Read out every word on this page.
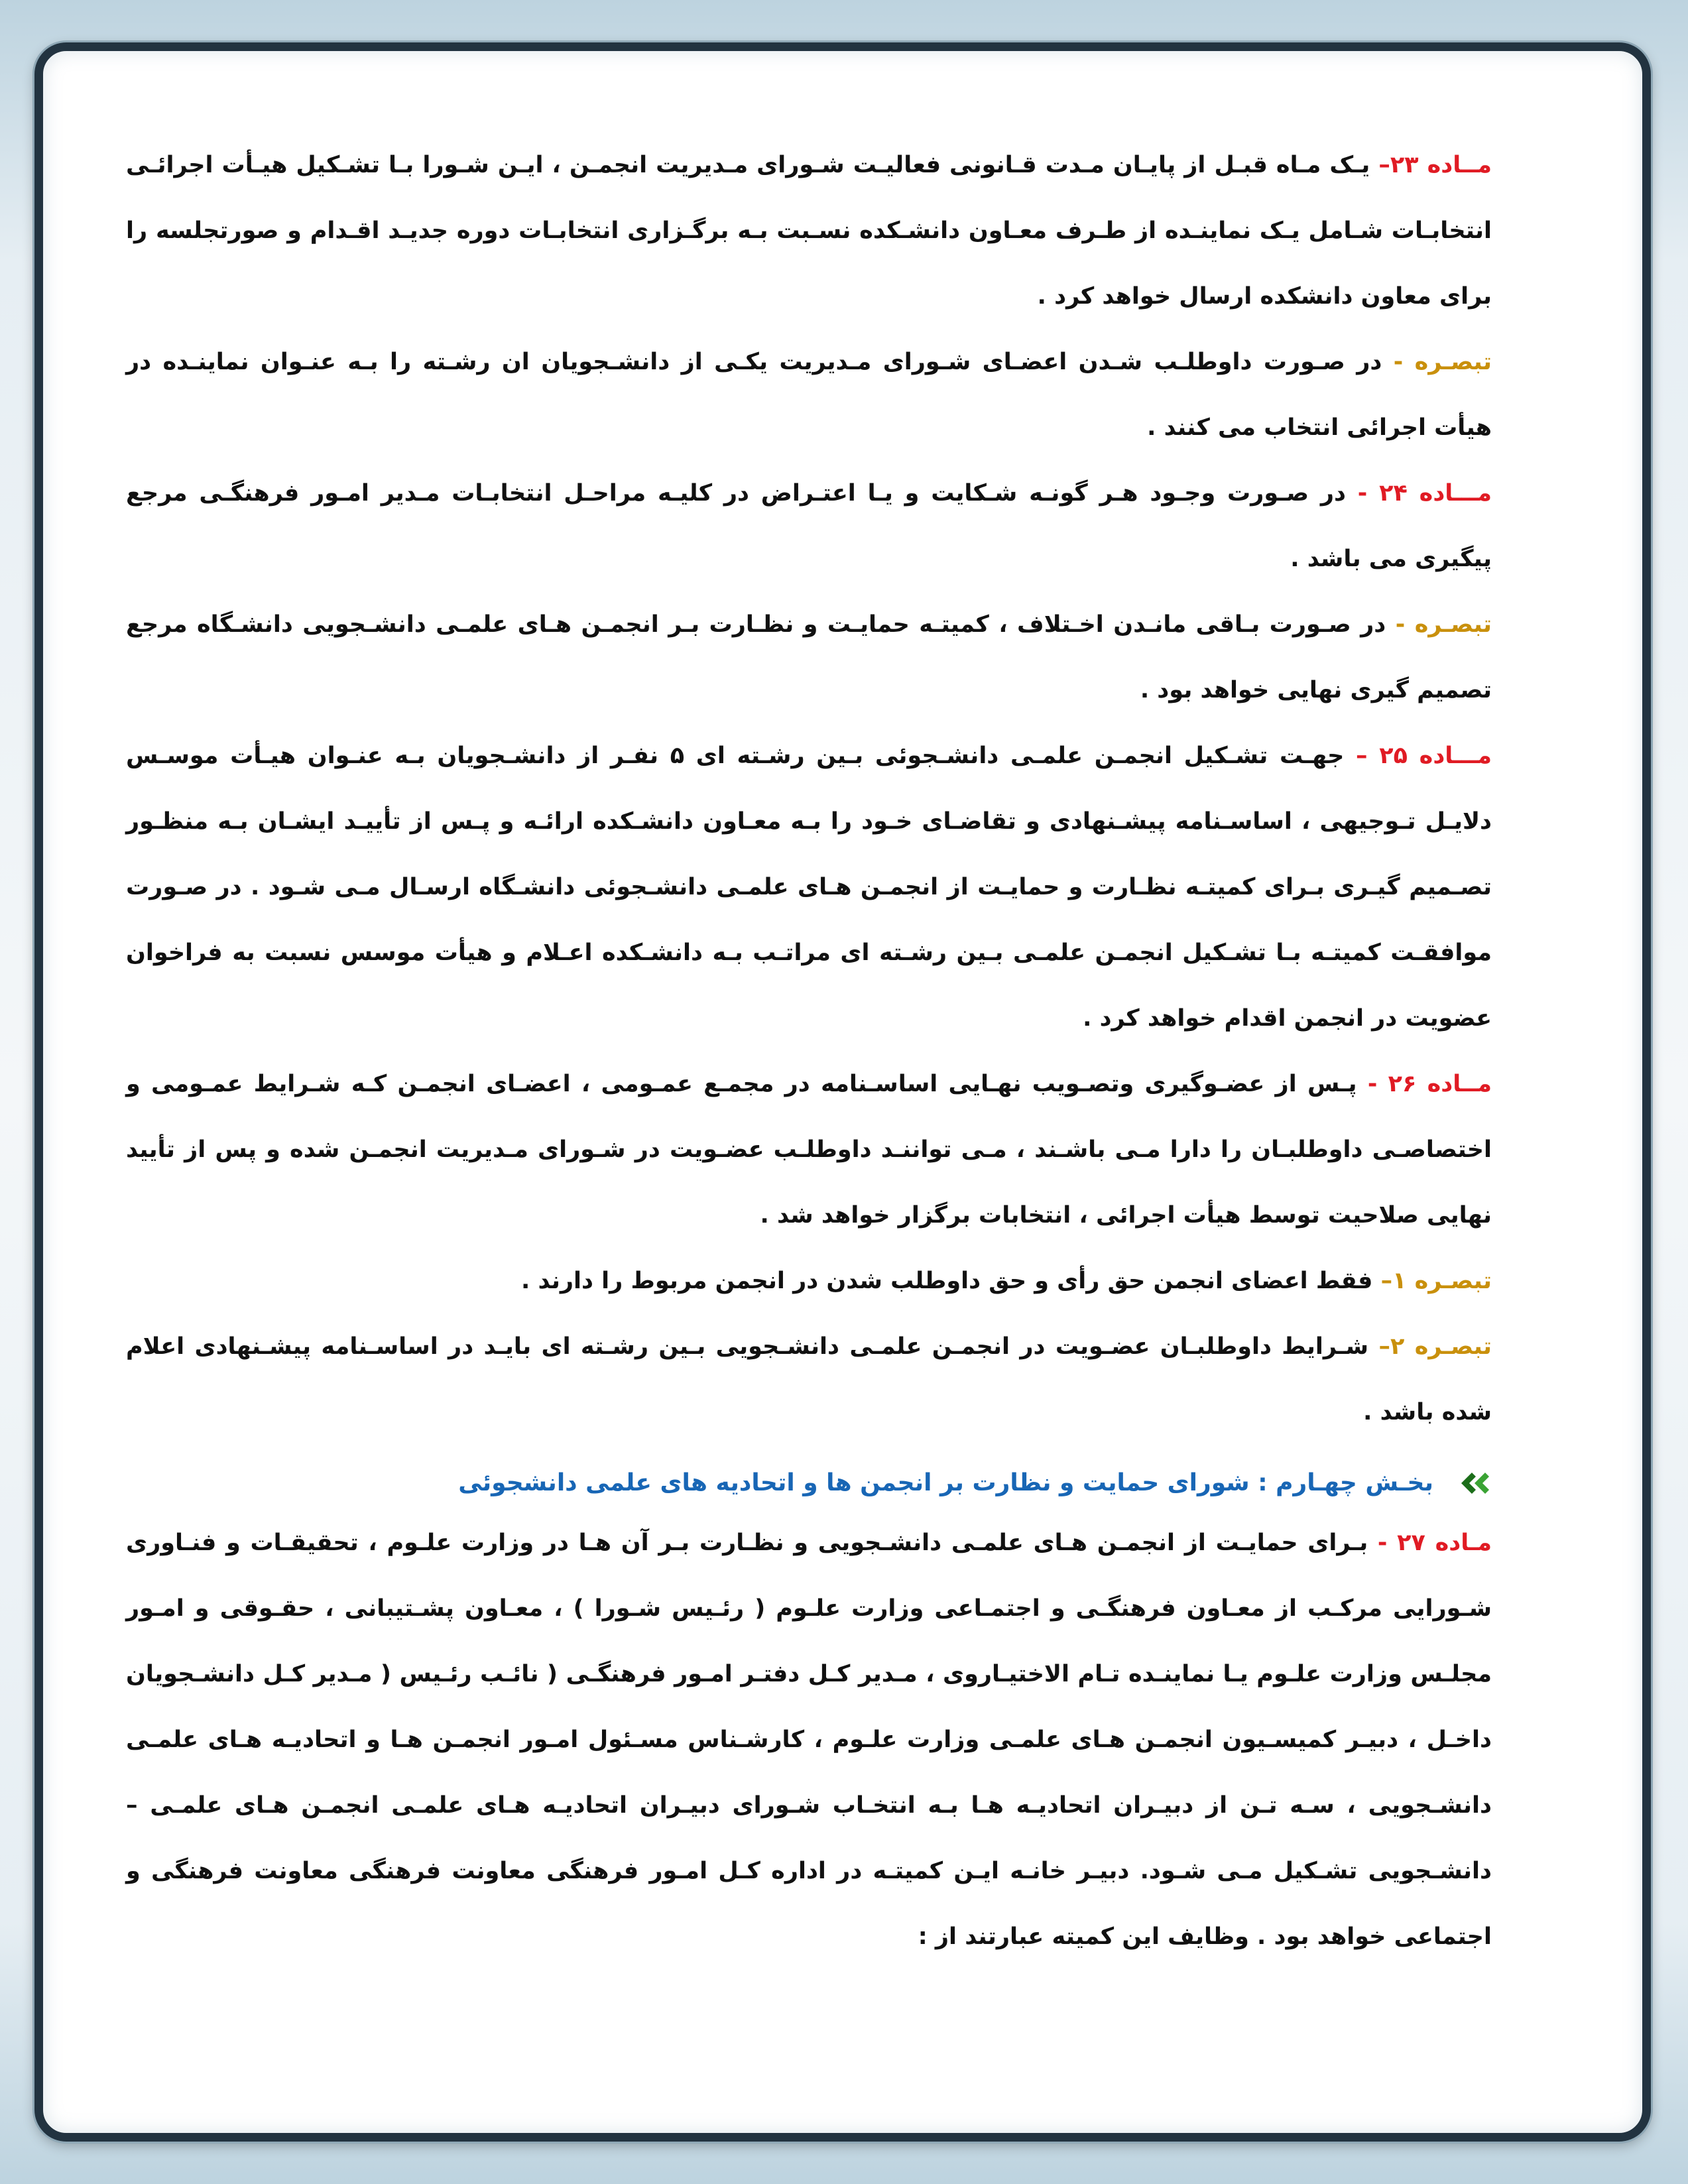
مــاده ۲۳– یـک مـاه قبـل از پایـان مـدت قـانونی فعالیـت شـورای مـدیریت انجمـن ، ایـن شـورا بـا تشـکیل هیـأت اجرائـی انتخابـات شـامل یـک نماینـده از طـرف معـاون دانشـکده نسـبت بـه برگـزاری انتخابـات دوره جدیـد اقـدام و صورتجلسه را برای معاون دانشکده ارسال خواهد کرد .

تبصـره - در صـورت داوطلـب شـدن اعضـای شـورای مـدیریت یکـی از دانشـجویان ان رشـته را بـه عنـوان نماینـده در هیأت اجرائی انتخاب می کنند .

مـــاده ۲۴ - در صـورت وجـود هـر گونـه شـکایت و یـا اعتـراض در کلیـه مراحـل انتخابـات مـدیر امـور فرهنگـی مرجع پیگیری می باشد .

تبصـره - در صـورت بـاقی مانـدن اخـتلاف ، کمیتـه حمایـت و نظـارت بـر انجمـن هـای علمـی دانشـجویی دانشـگاه مرجع تصمیم گیری نهایی خواهد بود .

مـــاده ۲۵ – جهـت تشـکیل انجمـن علمـی دانشـجوئی بـین رشـته ای ۵ نفـر از دانشـجویان بـه عنـوان هیـأت موسـس دلایـل تـوجیهی ، اساسـنامه پیشـنهادی و تقاضـای خـود را بـه معـاون دانشـکده ارائـه و پـس از تأییـد ایشـان بـه منظـور تصـمیم گیـری بـرای کمیتـه نظـارت و حمایـت از انجمـن هـای علمـی دانشـجوئی دانشـگاه ارسـال مـی شـود . در صـورت موافقـت کمیتـه بـا تشـکیل انجمـن علمـی بـین رشـته ای مراتـب بـه دانشـکده اعـلام و هیأت موسس نسبت به فراخوان عضویت در انجمن اقدام خواهد کرد .

مــاده ۲۶ - پـس از عضـوگیری وتصـویب نهـایی اساسـنامه در مجمـع عمـومی ، اعضـای انجمـن کـه شـرایط عمـومی و اختصاصـی داوطلبـان را دارا مـی باشـند ، مـی تواننـد داوطلـب عضـویت در شـورای مـدیریت انجمـن شده و پس از تأیید نهایی صلاحیت توسط هیأت اجرائی ، انتخابات برگزار خواهد شد .

تبصـره ۱– فقط اعضای انجمن حق رأی و حق داوطلب شدن در انجمن مربوط را دارند .

تبصـره ۲– شـرایط داوطلبـان عضـویت در انجمـن علمـی دانشـجویی بـین رشـته ای بایـد در اساسـنامه پیشـنهادی اعلام شده باشد .

بخـش چهـارم : شورای حمایت و نظارت بر انجمن ها و اتحادیه های علمی دانشجوئی

مـاده ۲۷ - بـرای حمایـت از انجمـن هـای علمـی دانشـجویی و نظـارت بـر آن هـا در وزارت علـوم ، تحقیقـات و فنـاوری شـورایی مرکـب از معـاون فرهنگـی و اجتمـاعی وزارت علـوم ( رئـیس شـورا ) ، معـاون پشـتیبانی ، حقـوقی و امـور مجلـس وزارت علـوم یـا نماینـده تـام الاختیـاروی ، مـدیر کـل دفتـر امـور فرهنگـی ( نائـب رئـیس ( مـدیر کـل دانشـجویان داخـل ، دبیـر کمیسـیون انجمـن هـای علمـی وزارت علـوم ، کارشـناس مسـئول امـور انجمـن هـا و اتحادیـه هـای علمـی دانشـجویی ، سـه تـن از دبیـران اتحادیـه هـا بـه انتخـاب شـورای دبیـران اتحادیـه هـای علمـی انجمـن هـای علمـی – دانشـجویی تشـکیل مـی شـود. دبیـر خانـه ایـن کمیتـه در اداره کـل امـور فرهنگی معاونت فرهنگی معاونت فرهنگی و اجتماعی خواهد بود . وظایف این کمیته عبارتند از :
